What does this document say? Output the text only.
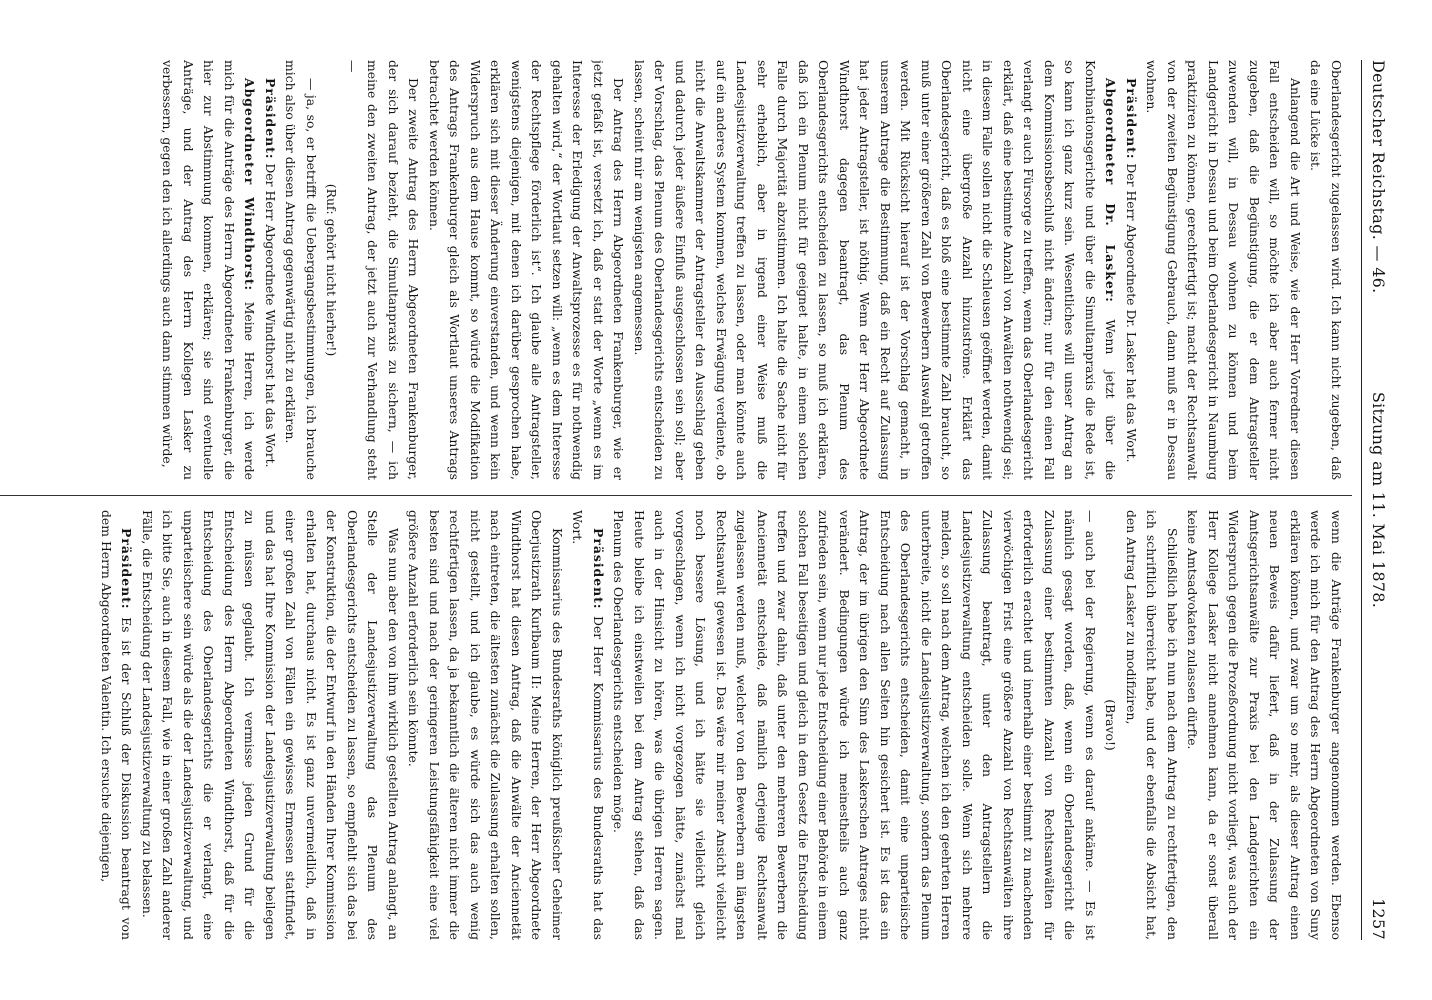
Deutscher Reichstag. — 46.
Sitzung am 11. Mai 1878.
1257

Oberlandesgericht zugelassen wird. Ich kann nicht zugeben, daß da eine Lücke ist.

Anlangend die Art und Weise, wie der Herr Vorredner diesen Fall entscheiden will, so möchte ich aber auch ferner nicht zugeben, daß die Begünstigung, die er dem Antragsteller zuwenden will, in Dessau wohnen zu können und beim Landgericht in Dessau und beim Oberlandesgericht in Naumburg praktiziren zu können, gerechtfertigt ist; macht der Rechtsanwalt von der zweiten Begünstigung Gebrauch, dann muß er in Dessau wohnen.

Präsident: Der Herr Abgeordnete Dr. Lasker hat das Wort.

Abgeordneter Dr. Lasker: Wenn jetzt über die Kombinationsgerichte und über die Simultanpraxis die Rede ist, so kann ich ganz kurz sein. Wesentliches will unser Antrag an dem Kommissionsbeschluß nicht ändern; nur für den einen Fall verlangt er auch Fürsorge zu treffen, wenn das Oberlandesgericht erklärt, daß eine bestimmte Anzahl von Anwälten nothwendig sei; in diesem Falle sollen nicht die Schleusen geöffnet werden, damit nicht eine übergroße Anzahl hinzuströme. Erklärt das Oberlandesgericht, daß es bloß eine bestimmte Zahl braucht, so muß unter einer größeren Zahl von Bewerbern Auswahl getroffen werden. Mit Rücksicht hierauf ist der Vorschlag gemacht, in unserem Antrage die Bestimmung, daß ein Recht auf Zulassung hat jeder Antragsteller, ist nöthig. Wenn der Herr Abgeordnete Windthorst dagegen beantragt, das Plenum des Oberlandesgerichts entscheiden zu lassen, so muß ich erklären, daß ich ein Plenum nicht für geeignet halte, in einem solchen Falle durch Majorität abzustimmen. Ich halte die Sache nicht für sehr erheblich, aber in irgend einer Weise muß die Landesjustizverwaltung treffen zu lassen, oder man könnte auch auf ein anderes System kommen, welches Erwägung verdiente, ob nicht die Anwaltskammer der Antragsteller den Ausschlag geben und dadurch jeder äußere Einfluß ausgeschlossen sein soll; aber der Vorschlag, das Plenum des Oberlandesgerichts entscheiden zu lassen, scheint mir am wenigsten angemessen.

Der Antrag des Herrn Abgeordneten Frankenburger, wie er jetzt gefaßt ist, versetzt ich, daß er statt der Worte „wenn es im Interesse der Erledigung der Anwaltsprozesse es für nothwendig gehalten wird,“ der Wortlaut setzen will: „wenn es dem Interesse der Rechtspflege förderlich ist“. Ich glaube alle Antragsteller, wenigstens diejenigen, mit denen ich darüber gesprochen habe, erklären sich mit dieser Änderung einverstanden, und wenn kein Widerspruch aus dem Hause kommt, so würde die Modifikation des Antrags Frankenburger gleich als Wortlaut unseres Antrags betrachtet werden können.

Der zweite Antrag des Herrn Abgeordneten Frankenburger, der sich darauf bezieht, die Simultanpraxis zu sichern, — ich meine den zweiten Antrag, der jetzt auch zur Verhandlung steht —

(Ruf: gehört nicht hierher!)

— ja, so, er betrifft die Uebergangsbestimmungen, ich brauche mich also über diesen Antrag gegenwärtig nicht zu erklären.

Präsident: Der Herr Abgeordnete Windthorst hat das Wort.

Abgeordneter Windthorst: Meine Herren, ich werde mich für die Anträge des Herrn Abgeordneten Frankenburger, die hier zur Abstimmung kommen, erklären; sie sind eventuelle Anträge, und der Antrag des Herrn Kollegen Lasker zu verbessern, gegen den ich allerdings auch dann stimmen würde,

wenn die Anträge Frankenburger angenommen werden. Ebenso werde ich mich für den Antrag des Herrn Abgeordneten von Suny erklären können, und zwar um so mehr, als dieser Antrag einen neuen Beweis dafür liefert, daß in der Zulassung der Amtsgerichtsanwälte zur Praxis bei den Landgerichten ein Widerspruch gegen die Prozeßordnung nicht vorliegt, was auch der Herr Kollege Lasker nicht annehmen kann, da er sonst überall keine Amtsadvokaten zulassen dürfte.

Schließlich habe ich nun nach dem Antrag zu rechtfertigen, den ich schriftlich überreicht habe, und der ebenfalls die Absicht hat, den Antrag Lasker zu modifiziren,

(Bravo!)

— auch bei der Regierung, wenn es darauf ankäme. — Es ist nämlich gesagt worden, daß, wenn ein Oberlandesgericht die Zulassung einer bestimmten Anzahl von Rechtsanwälten für erforderlich erachtet und innerhalb einer bestimmt zu machenden vierwöchigen Frist eine größere Anzahl von Rechtsanwälten ihre Zulassung beantragt, unter den Antragstellern die Landesjustizverwaltung entscheiden solle. Wenn sich mehrere melden, so soll nach dem Antrag, welchen ich den geehrten Herren unterbreite, nicht die Landesjustizverwaltung, sondern das Plenum des Oberlandesgerichts entscheiden, damit eine unparteiische Entscheidung nach allen Seiten hin gesichert ist. Es ist das ein Antrag, der im übrigen den Sinn des Laskerschen Antrages nicht verändert. Bedingungen würde ich meinestheils auch ganz zufrieden sein, wenn nur jede Entscheidung einer Behörde in einem solchen Fall beseitigen und gleich in dem Gesetz die Entscheidung treffen und zwar dahin, daß unter den mehreren Bewerbern die Anciennetät entscheide, daß nämlich derjenige Rechtsanwalt zugelassen werden muß, welcher von den Bewerbern am längsten Rechtsanwalt gewesen ist. Das wäre mir meiner Ansicht vielleicht noch bessere Lösung, und ich hätte sie vielleicht gleich vorgeschlagen, wenn ich nicht vorgezogen hätte, zunächst mal auch in der Hinsicht zu hören, was die übrigen Herren sagen. Heute bleibe ich einstweilen bei dem Antrag stehen, daß das Plenum des Oberlandesgerichts entscheiden möge.

Präsident: Der Herr Kommissarius des Bundesraths hat das Wort.

Kommissarius des Bundesraths königlich preußischer Geheimer Oberjustizrath Kurlbaum II: Meine Herren, der Herr Abgeordnete Windthorst hat diesen Antrag, daß die Anwälte der Anciennetät nach eintreten, die ältesten zunächst die Zulassung erhalten sollen, nicht gestellt, und ich glaube, es würde sich das auch wenig rechtfertigen lassen, da ja bekanntlich die älteren nicht immer die besten sind und nach der geringeren Leistungsfähigkeit eine viel größere Anzahl erforderlich sein könnte.

Was nun aber den von ihm wirklich gestellten Antrag anlangt, an Stelle der Landesjustizverwaltung das Plenum des Oberlandesgerichts entscheiden zu lassen, so empfiehlt sich das bei der Konstruktion, die der Entwurf in den Händen Ihrer Kommission erhalten hat, durchaus nicht. Es ist ganz unvermeidlich, daß in einer großen Zahl von Fällen ein gewisses Ermessen stattfindet, und das hat Ihre Kommission der Landesjustizverwaltung beilegen zu müssen geglaubt. Ich vermisse jeden Grund für die Entscheidung des Herrn Abgeordneten Windthorst, daß für die Entscheidung des Oberlandesgerichts die er verlangt, eine unparteiischere sein würde als die der Landesjustizverwaltung, und ich bitte Sie, auch in diesem Fall, wie in einer großen Zahl anderer Fälle, die Entscheidung der Landesjustizverwaltung zu belassen.

Präsident: Es ist der Schluß der Diskussion beantragt von dem Herrn Abgeordneten Valentin. Ich ersuche diejenigen,
